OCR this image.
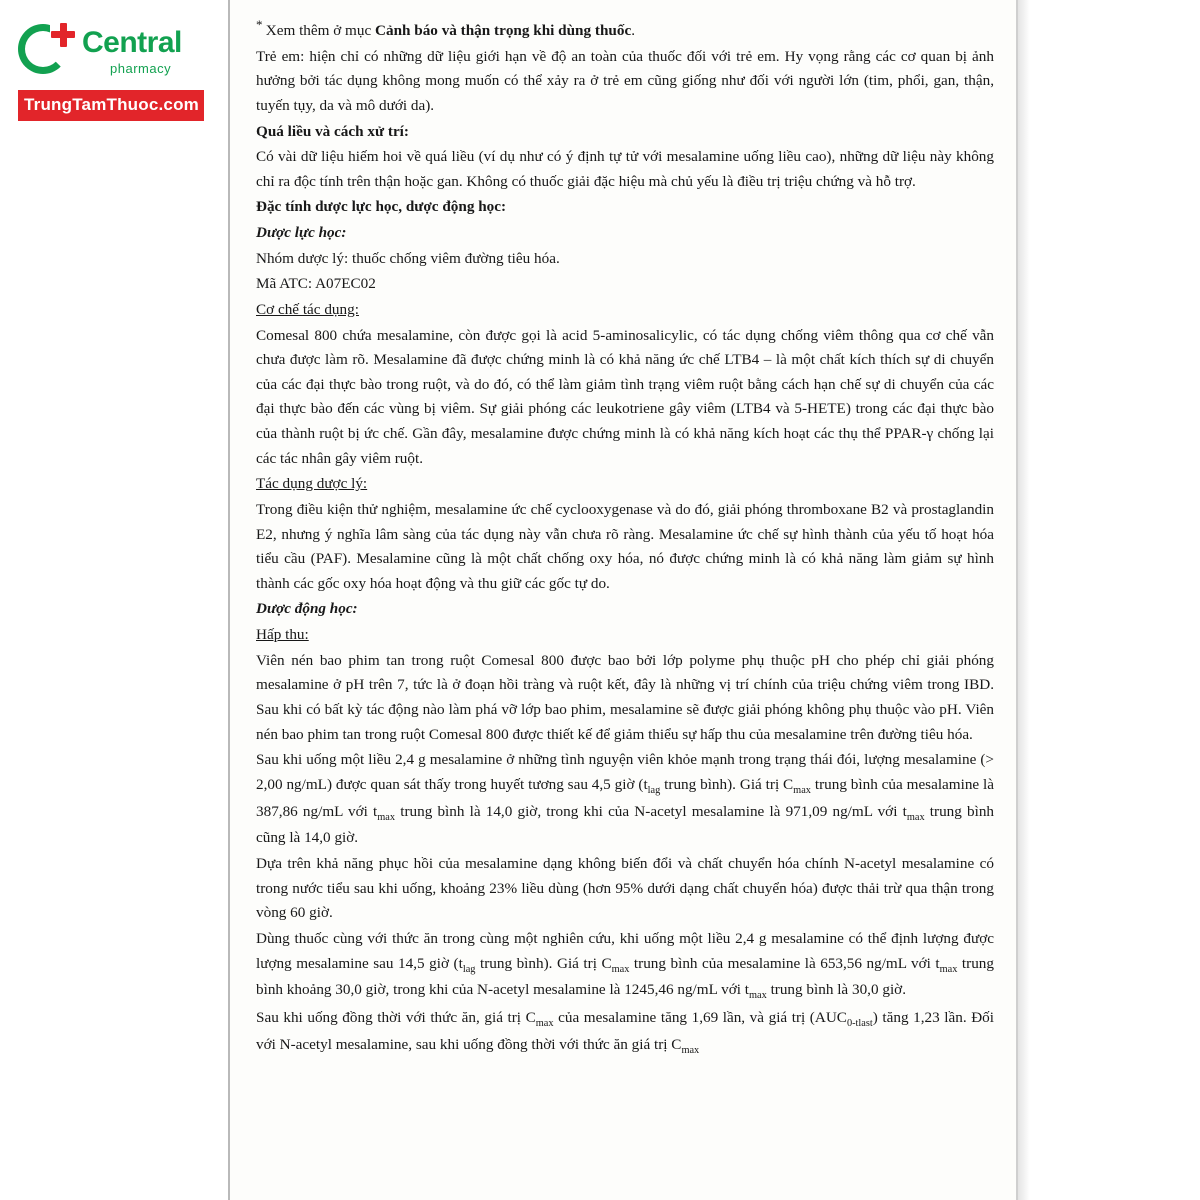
Central
pharmacy
TrungTamThuoc.com

* Xem thêm ở mục Cảnh báo và thận trọng khi dùng thuốc.

Trẻ em: hiện chỉ có những dữ liệu giới hạn về độ an toàn của thuốc đối với trẻ em. Hy vọng rằng các cơ quan bị ảnh hưởng bởi tác dụng không mong muốn có thể xảy ra ở trẻ em cũng giống như đối với người lớn (tim, phổi, gan, thận, tuyến tụy, da và mô dưới da).

Quá liều và cách xử trí:

Có vài dữ liệu hiếm hoi về quá liều (ví dụ như có ý định tự tử với mesalamine uống liều cao), những dữ liệu này không chỉ ra độc tính trên thận hoặc gan. Không có thuốc giải đặc hiệu mà chủ yếu là điều trị triệu chứng và hỗ trợ.

Đặc tính dược lực học, dược động học:

Dược lực học:

Nhóm dược lý: thuốc chống viêm đường tiêu hóa.

Mã ATC: A07EC02

Cơ chế tác dụng:

Comesal 800 chứa mesalamine, còn được gọi là acid 5-aminosalicylic, có tác dụng chống viêm thông qua cơ chế vẫn chưa được làm rõ. Mesalamine đã được chứng minh là có khả năng ức chế LTB4 – là một chất kích thích sự di chuyển của các đại thực bào trong ruột, và do đó, có thể làm giảm tình trạng viêm ruột bằng cách hạn chế sự di chuyển của các đại thực bào đến các vùng bị viêm. Sự giải phóng các leukotriene gây viêm (LTB4 và 5-HETE) trong các đại thực bào của thành ruột bị ức chế. Gần đây, mesalamine được chứng minh là có khả năng kích hoạt các thụ thể PPAR-γ chống lại các tác nhân gây viêm ruột.

Tác dụng dược lý:

Trong điều kiện thử nghiệm, mesalamine ức chế cyclooxygenase và do đó, giải phóng thromboxane B2 và prostaglandin E2, nhưng ý nghĩa lâm sàng của tác dụng này vẫn chưa rõ ràng. Mesalamine ức chế sự hình thành của yếu tố hoạt hóa tiểu cầu (PAF). Mesalamine cũng là một chất chống oxy hóa, nó được chứng minh là có khả năng làm giảm sự hình thành các gốc oxy hóa hoạt động và thu giữ các gốc tự do.

Dược động học:

Hấp thu:

Viên nén bao phim tan trong ruột Comesal 800 được bao bởi lớp polyme phụ thuộc pH cho phép chỉ giải phóng mesalamine ở pH trên 7, tức là ở đoạn hồi tràng và ruột kết, đây là những vị trí chính của triệu chứng viêm trong IBD. Sau khi có bất kỳ tác động nào làm phá vỡ lớp bao phim, mesalamine sẽ được giải phóng không phụ thuộc vào pH. Viên nén bao phim tan trong ruột Comesal 800 được thiết kế để giảm thiểu sự hấp thu của mesalamine trên đường tiêu hóa.

Sau khi uống một liều 2,4 g mesalamine ở những tình nguyện viên khỏe mạnh trong trạng thái đói, lượng mesalamine (> 2,00 ng/mL) được quan sát thấy trong huyết tương sau 4,5 giờ ($t_{lag}$ trung bình). Giá trị $C_{max}$ trung bình của mesalamine là 387,86 ng/mL với $t_{max}$ trung bình là 14,0 giờ, trong khi của N-acetyl mesalamine là 971,09 ng/mL với $t_{max}$ trung bình cũng là 14,0 giờ.

Dựa trên khả năng phục hồi của mesalamine dạng không biến đổi và chất chuyển hóa chính N-acetyl mesalamine có trong nước tiểu sau khi uống, khoảng 23% liều dùng (hơn 95% dưới dạng chất chuyển hóa) được thải trừ qua thận trong vòng 60 giờ.

Dùng thuốc cùng với thức ăn trong cùng một nghiên cứu, khi uống một liều 2,4 g mesalamine có thể định lượng được lượng mesalamine sau 14,5 giờ ($t_{lag}$ trung bình). Giá trị $C_{max}$ trung bình của mesalamine là 653,56 ng/mL với $t_{max}$ trung bình khoảng 30,0 giờ, trong khi của N-acetyl mesalamine là 1245,46 ng/mL với $t_{max}$ trung bình là 30,0 giờ.

Sau khi uống đồng thời với thức ăn, giá trị $C_{max}$ của mesalamine tăng 1,69 lần, và giá trị $(AUC_{0-tlast})$ tăng 1,23 lần. Đối với N-acetyl mesalamine, sau khi uống đồng thời với thức ăn giá trị $C_{max}$
